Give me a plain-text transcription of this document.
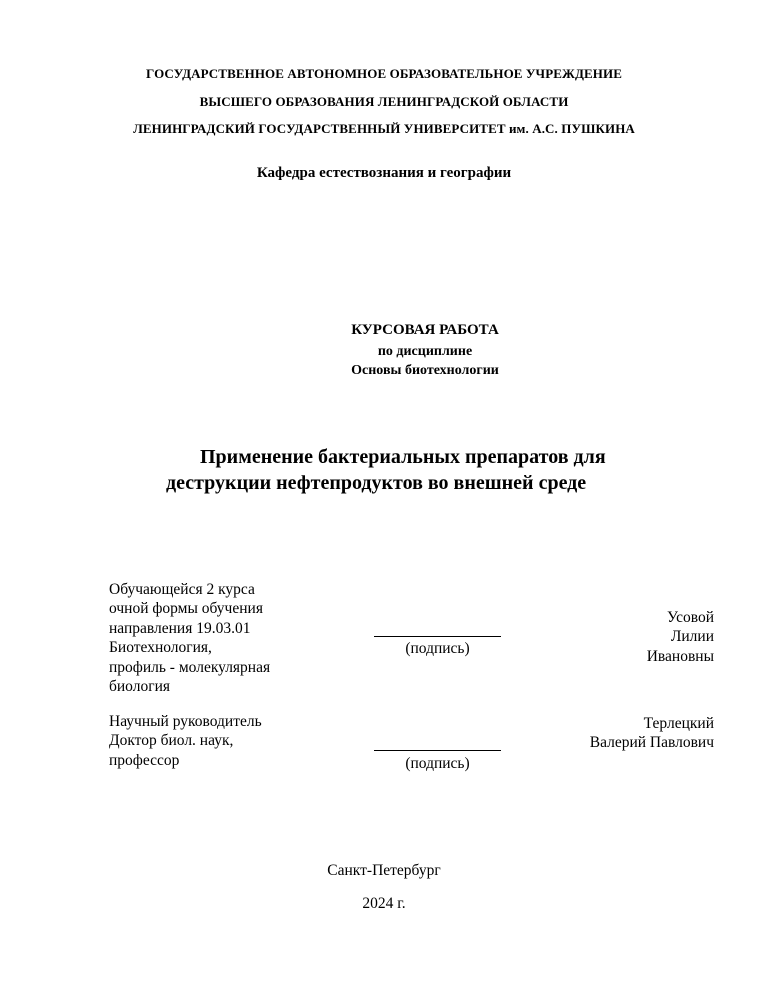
ГОСУДАРСТВЕННОЕ АВТОНОМНОЕ ОБРАЗОВАТЕЛЬНОЕ УЧРЕЖДЕНИЕ
ВЫСШЕГО ОБРАЗОВАНИЯ ЛЕНИНГРАДСКОЙ ОБЛАСТИ
ЛЕНИНГРАДСКИЙ ГОСУДАРСТВЕННЫЙ УНИВЕРСИТЕТ им. А.С. ПУШКИНА
Кафедра естествознания и географии
КУРСОВАЯ РАБОТА
по дисциплине
Основы биотехнологии
Применение бактериальных препаратов для
деструкции нефтепродуктов во внешней среде
Обучающейся 2 курса
очной формы обучения
направления 19.03.01
Биотехнология,
профиль - молекулярная
биология
(подпись)
Усовой
Лилии
Ивановны
Научный руководитель
Доктор биол. наук,
профессор	(подпись)
Терлецкий
Валерий Павлович
Санкт-Петербург
2024 г.
